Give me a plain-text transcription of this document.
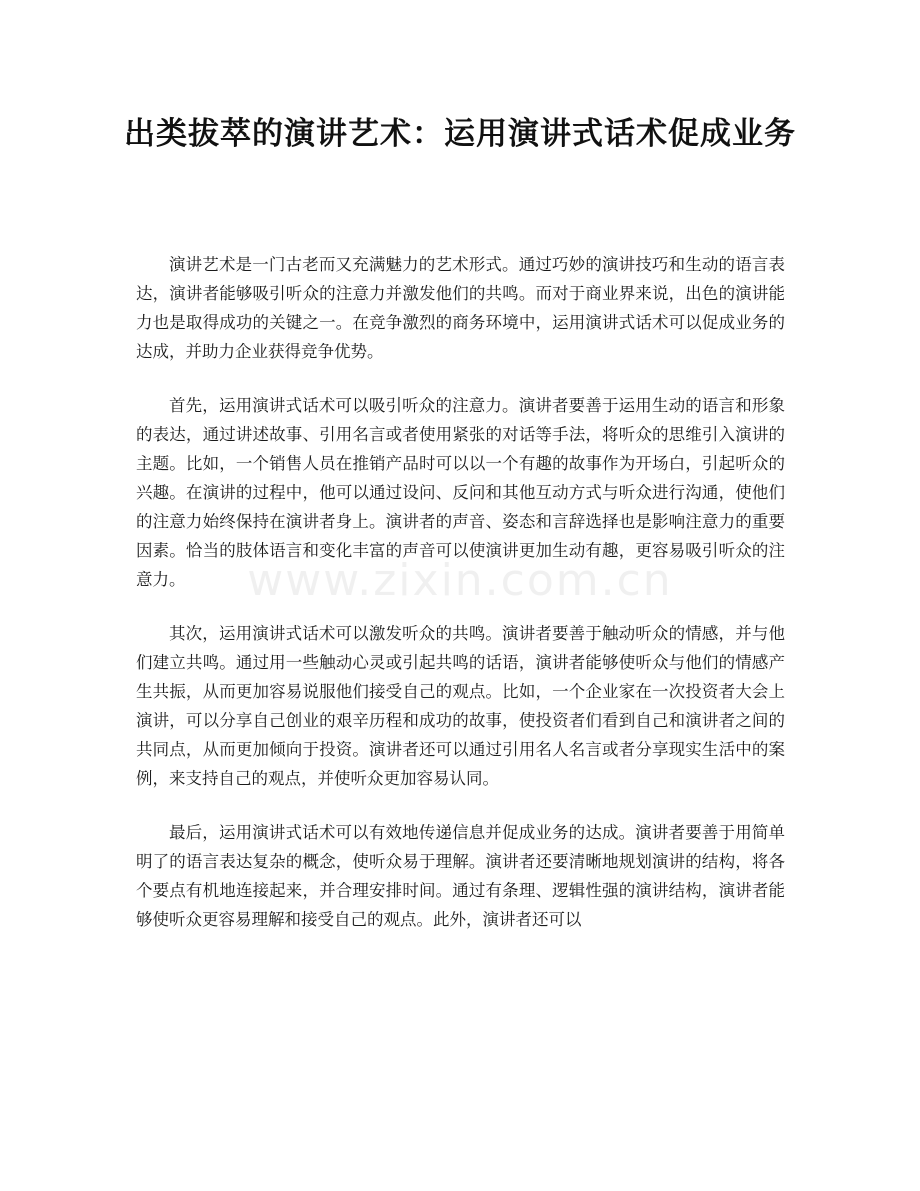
出类拔萃的演讲艺术：运用演讲式话术促成业务

演讲艺术是一门古老而又充满魅力的艺术形式。通过巧妙的演讲技巧和生动的语言表达，演讲者能够吸引听众的注意力并激发他们的共鸣。而对于商业界来说，出色的演讲能力也是取得成功的关键之一。在竞争激烈的商务环境中，运用演讲式话术可以促成业务的达成，并助力企业获得竞争优势。

首先，运用演讲式话术可以吸引听众的注意力。演讲者要善于运用生动的语言和形象的表达，通过讲述故事、引用名言或者使用紧张的对话等手法，将听众的思维引入演讲的主题。比如，一个销售人员在推销产品时可以以一个有趣的故事作为开场白，引起听众的兴趣。在演讲的过程中，他可以通过设问、反问和其他互动方式与听众进行沟通，使他们的注意力始终保持在演讲者身上。演讲者的声音、姿态和言辞选择也是影响注意力的重要因素。恰当的肢体语言和变化丰富的声音可以使演讲更加生动有趣，更容易吸引听众的注意力。

其次，运用演讲式话术可以激发听众的共鸣。演讲者要善于触动听众的情感，并与他们建立共鸣。通过用一些触动心灵或引起共鸣的话语，演讲者能够使听众与他们的情感产生共振，从而更加容易说服他们接受自己的观点。比如，一个企业家在一次投资者大会上演讲，可以分享自己创业的艰辛历程和成功的故事，使投资者们看到自己和演讲者之间的共同点，从而更加倾向于投资。演讲者还可以通过引用名人名言或者分享现实生活中的案例，来支持自己的观点，并使听众更加容易认同。

最后，运用演讲式话术可以有效地传递信息并促成业务的达成。演讲者要善于用简单明了的语言表达复杂的概念，使听众易于理解。演讲者还要清晰地规划演讲的结构，将各个要点有机地连接起来，并合理安排时间。通过有条理、逻辑性强的演讲结构，演讲者能够使听众更容易理解和接受自己的观点。此外，演讲者还可以

www.zixin.com.cn
